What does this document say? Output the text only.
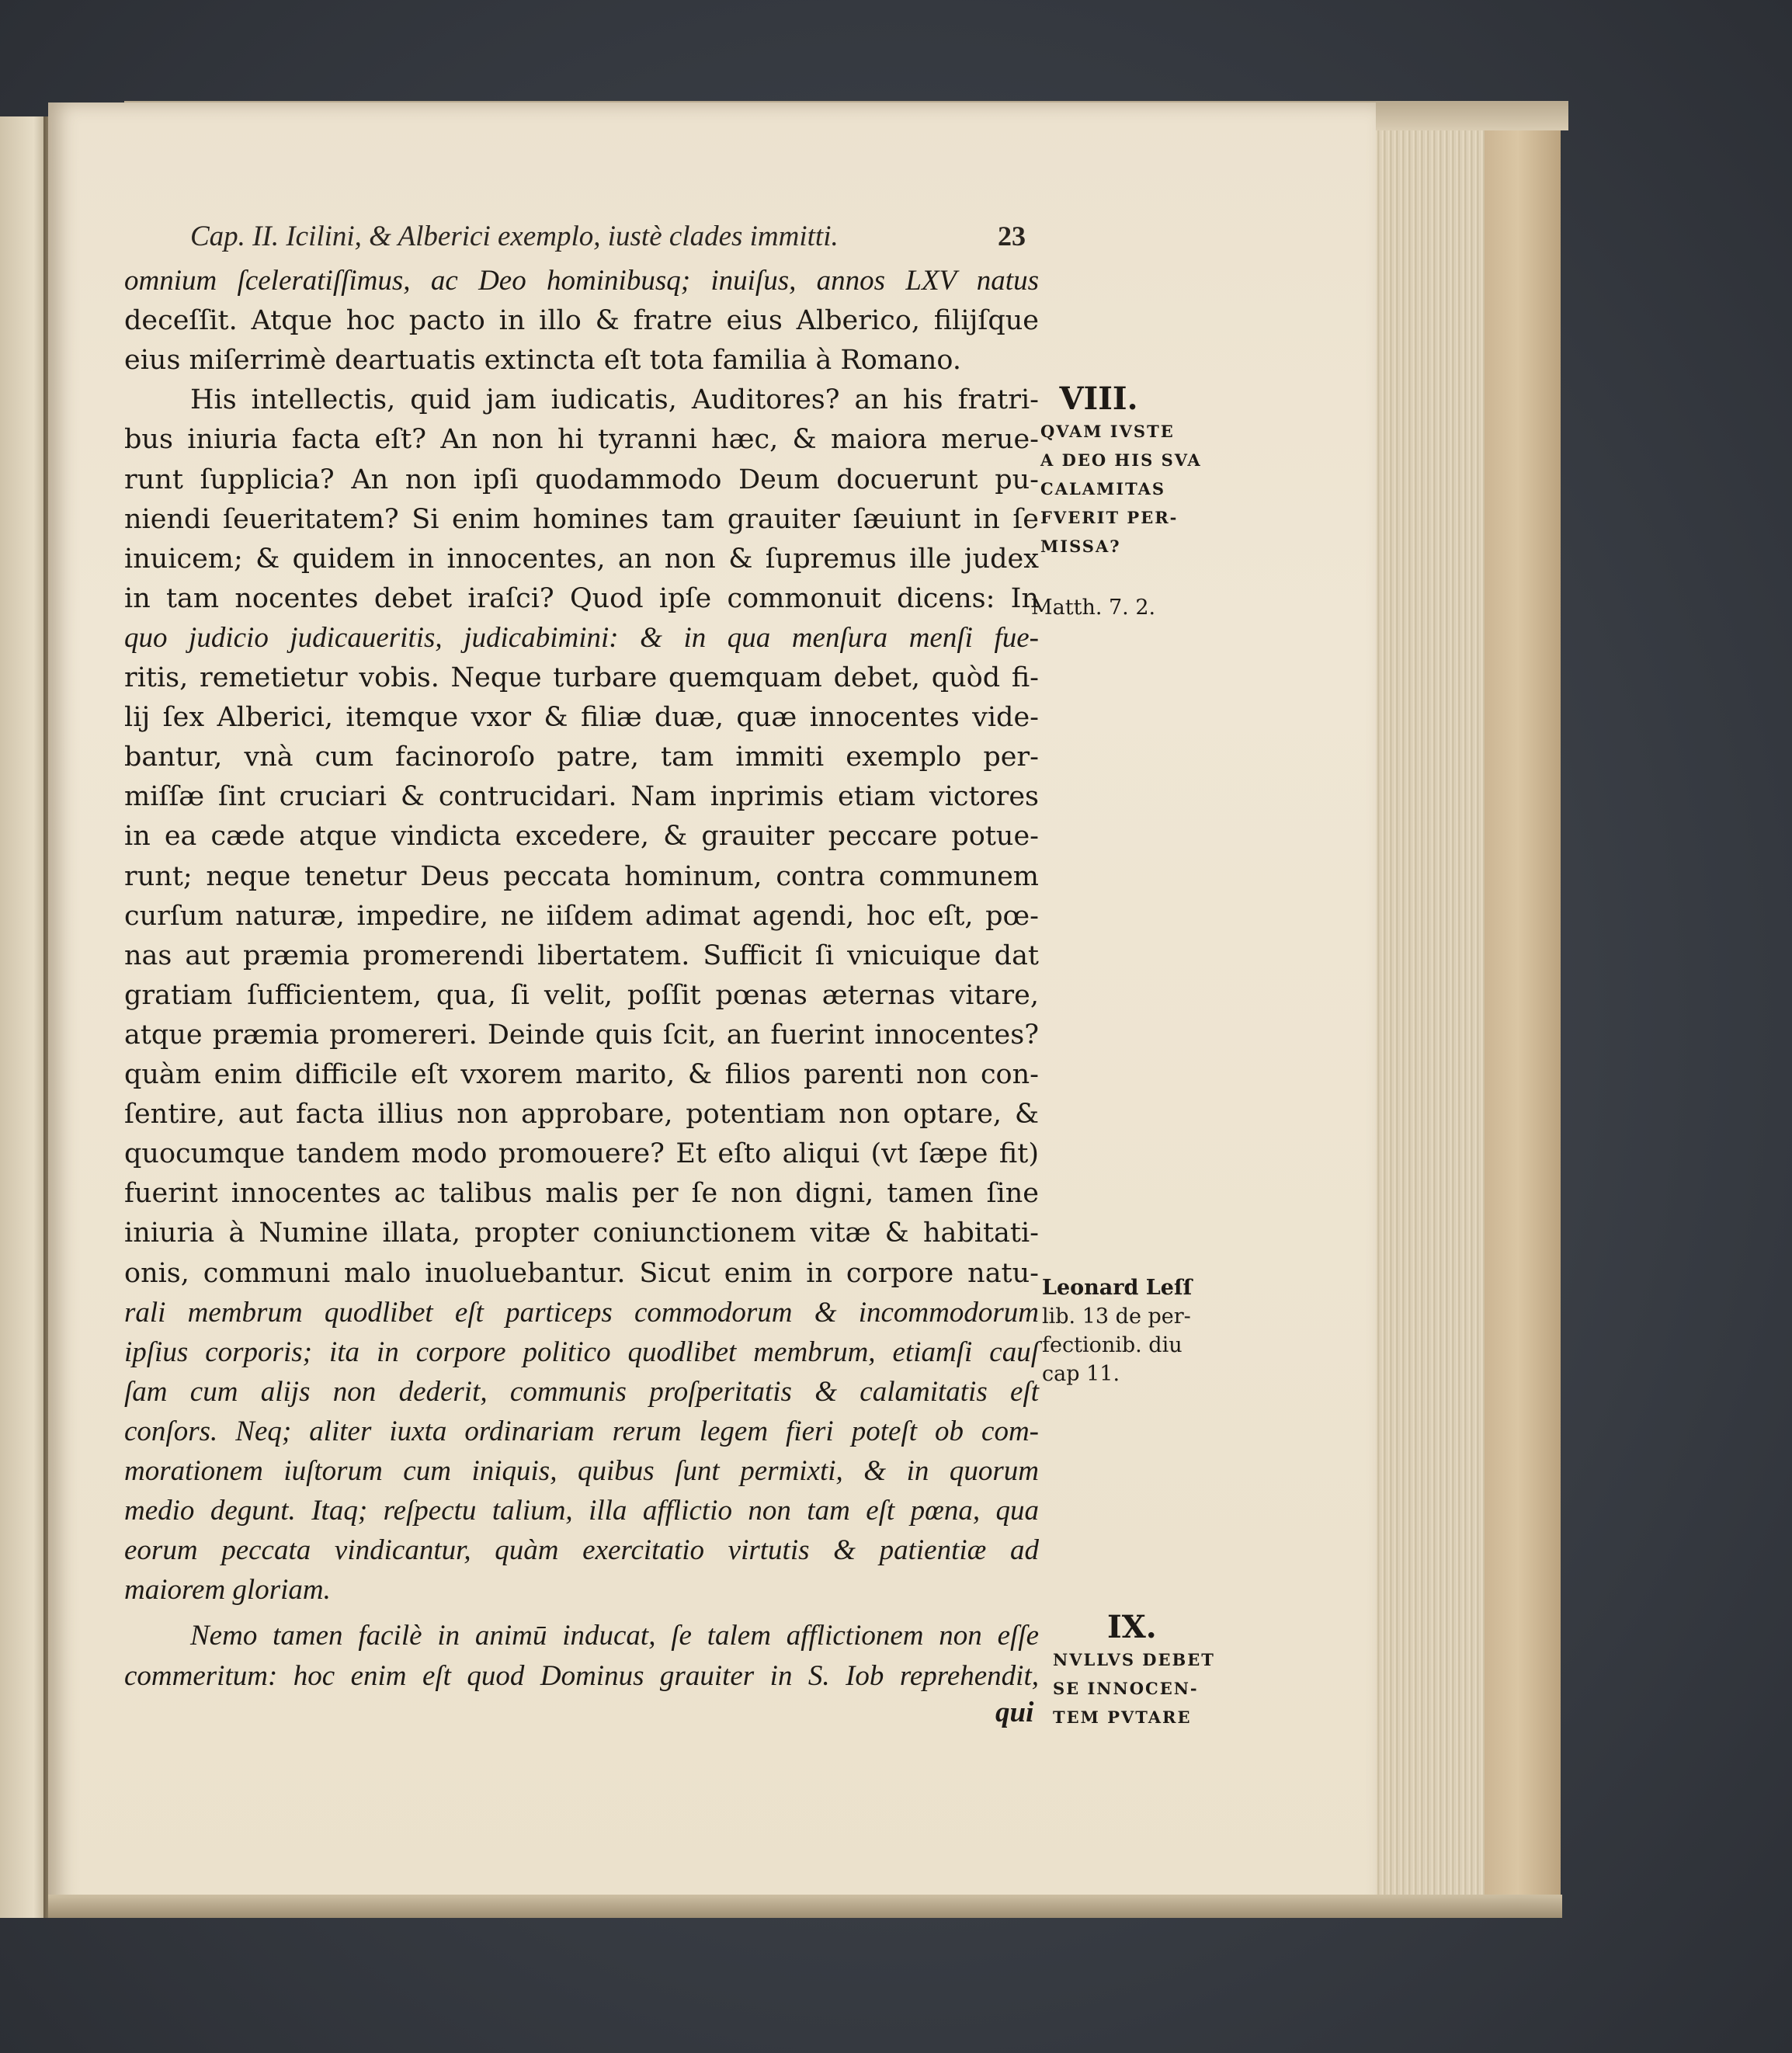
Cap. II. Icilini, & Alberici exemplo, iustè clades immitti.	23
omnium ſceleratiſſimus, ac Deo hominibusq; inuiſus, annos LXV natus
deceſſit. Atque hoc pacto in illo & fratre eius Alberico, filijſque
eius miſerrimè deartuatis extincta eſt tota familia à Romano.
His intellectis, quid jam iudicatis, Auditores? an his fratri-
bus iniuria facta eſt? An non hi tyranni hæc, & maiora merue-
runt ſupplicia? An non ipſi quodammodo Deum docuerunt pu-
niendi ſeueritatem? Si enim homines tam grauiter ſæuiunt in ſe
inuicem; & quidem in innocentes, an non & ſupremus ille judex
in tam nocentes debet iraſci? Quod ipſe commonuit dicens: In
quo judicio judicaueritis, judicabimini: & in qua menſura menſi fue-
ritis, remetietur vobis. Neque turbare quemquam debet, quòd fi-
lij ſex Alberici, itemque vxor & filiæ duæ, quæ innocentes vide-
bantur, vnà cum facinoroſo patre, tam immiti exemplo per-
miſſæ ſint cruciari & contrucidari. Nam inprimis etiam victores
in ea cæde atque vindicta excedere, & grauiter peccare potue-
runt; neque tenetur Deus peccata hominum, contra communem
curſum naturæ, impedire, ne iiſdem adimat agendi, hoc eſt, pœ-
nas aut præmia promerendi libertatem. Sufficit ſi vnicuique dat
gratiam ſufficientem, qua, ſi velit, poſſit pœnas æternas vitare,
atque præmia promereri. Deinde quis ſcit, an fuerint innocentes?
quàm enim difficile eſt vxorem marito, & filios parenti non con-
ſentire, aut facta illius non approbare, potentiam non optare, &
quocumque tandem modo promouere? Et eſto aliqui (vt ſæpe fit)
fuerint innocentes ac talibus malis per ſe non digni, tamen ſine
iniuria à Numine illata, propter coniunctionem vitæ & habitati-
onis, communi malo inuoluebantur. Sicut enim in corpore natu-
rali membrum quodlibet eſt particeps commodorum & incommodorum
ipſius corporis; ita in corpore politico quodlibet membrum, etiamſi cauſ
ſam cum alijs non dederit, communis proſperitatis & calamitatis eſt
conſors. Neq; aliter iuxta ordinariam rerum legem fieri poteſt ob com-
morationem iuſtorum cum iniquis, quibus ſunt permixti, & in quorum
medio degunt. Itaq; reſpectu talium, illa afflictio non tam eſt pœna, qua
eorum peccata vindicantur, quàm exercitatio virtutis & patientiæ ad
maiorem gloriam.
Nemo tamen facilè in animū inducat, ſe talem afflictionem non eſſe
commeritum: hoc enim eſt quod Dominus grauiter in S. Iob reprehendit,

VIII.
QVAM IVSTE
A DEO HIS SVA
CALAMITAS
FVERIT PER-
MISSA?
Matth. 7. 2.
Leonard Leſſ
lib. 13 de per-
fectionib. diu
cap 11.
IX.
NVLLVS DEBET
SE INNOCEN-
TEM PVTARE
qui
